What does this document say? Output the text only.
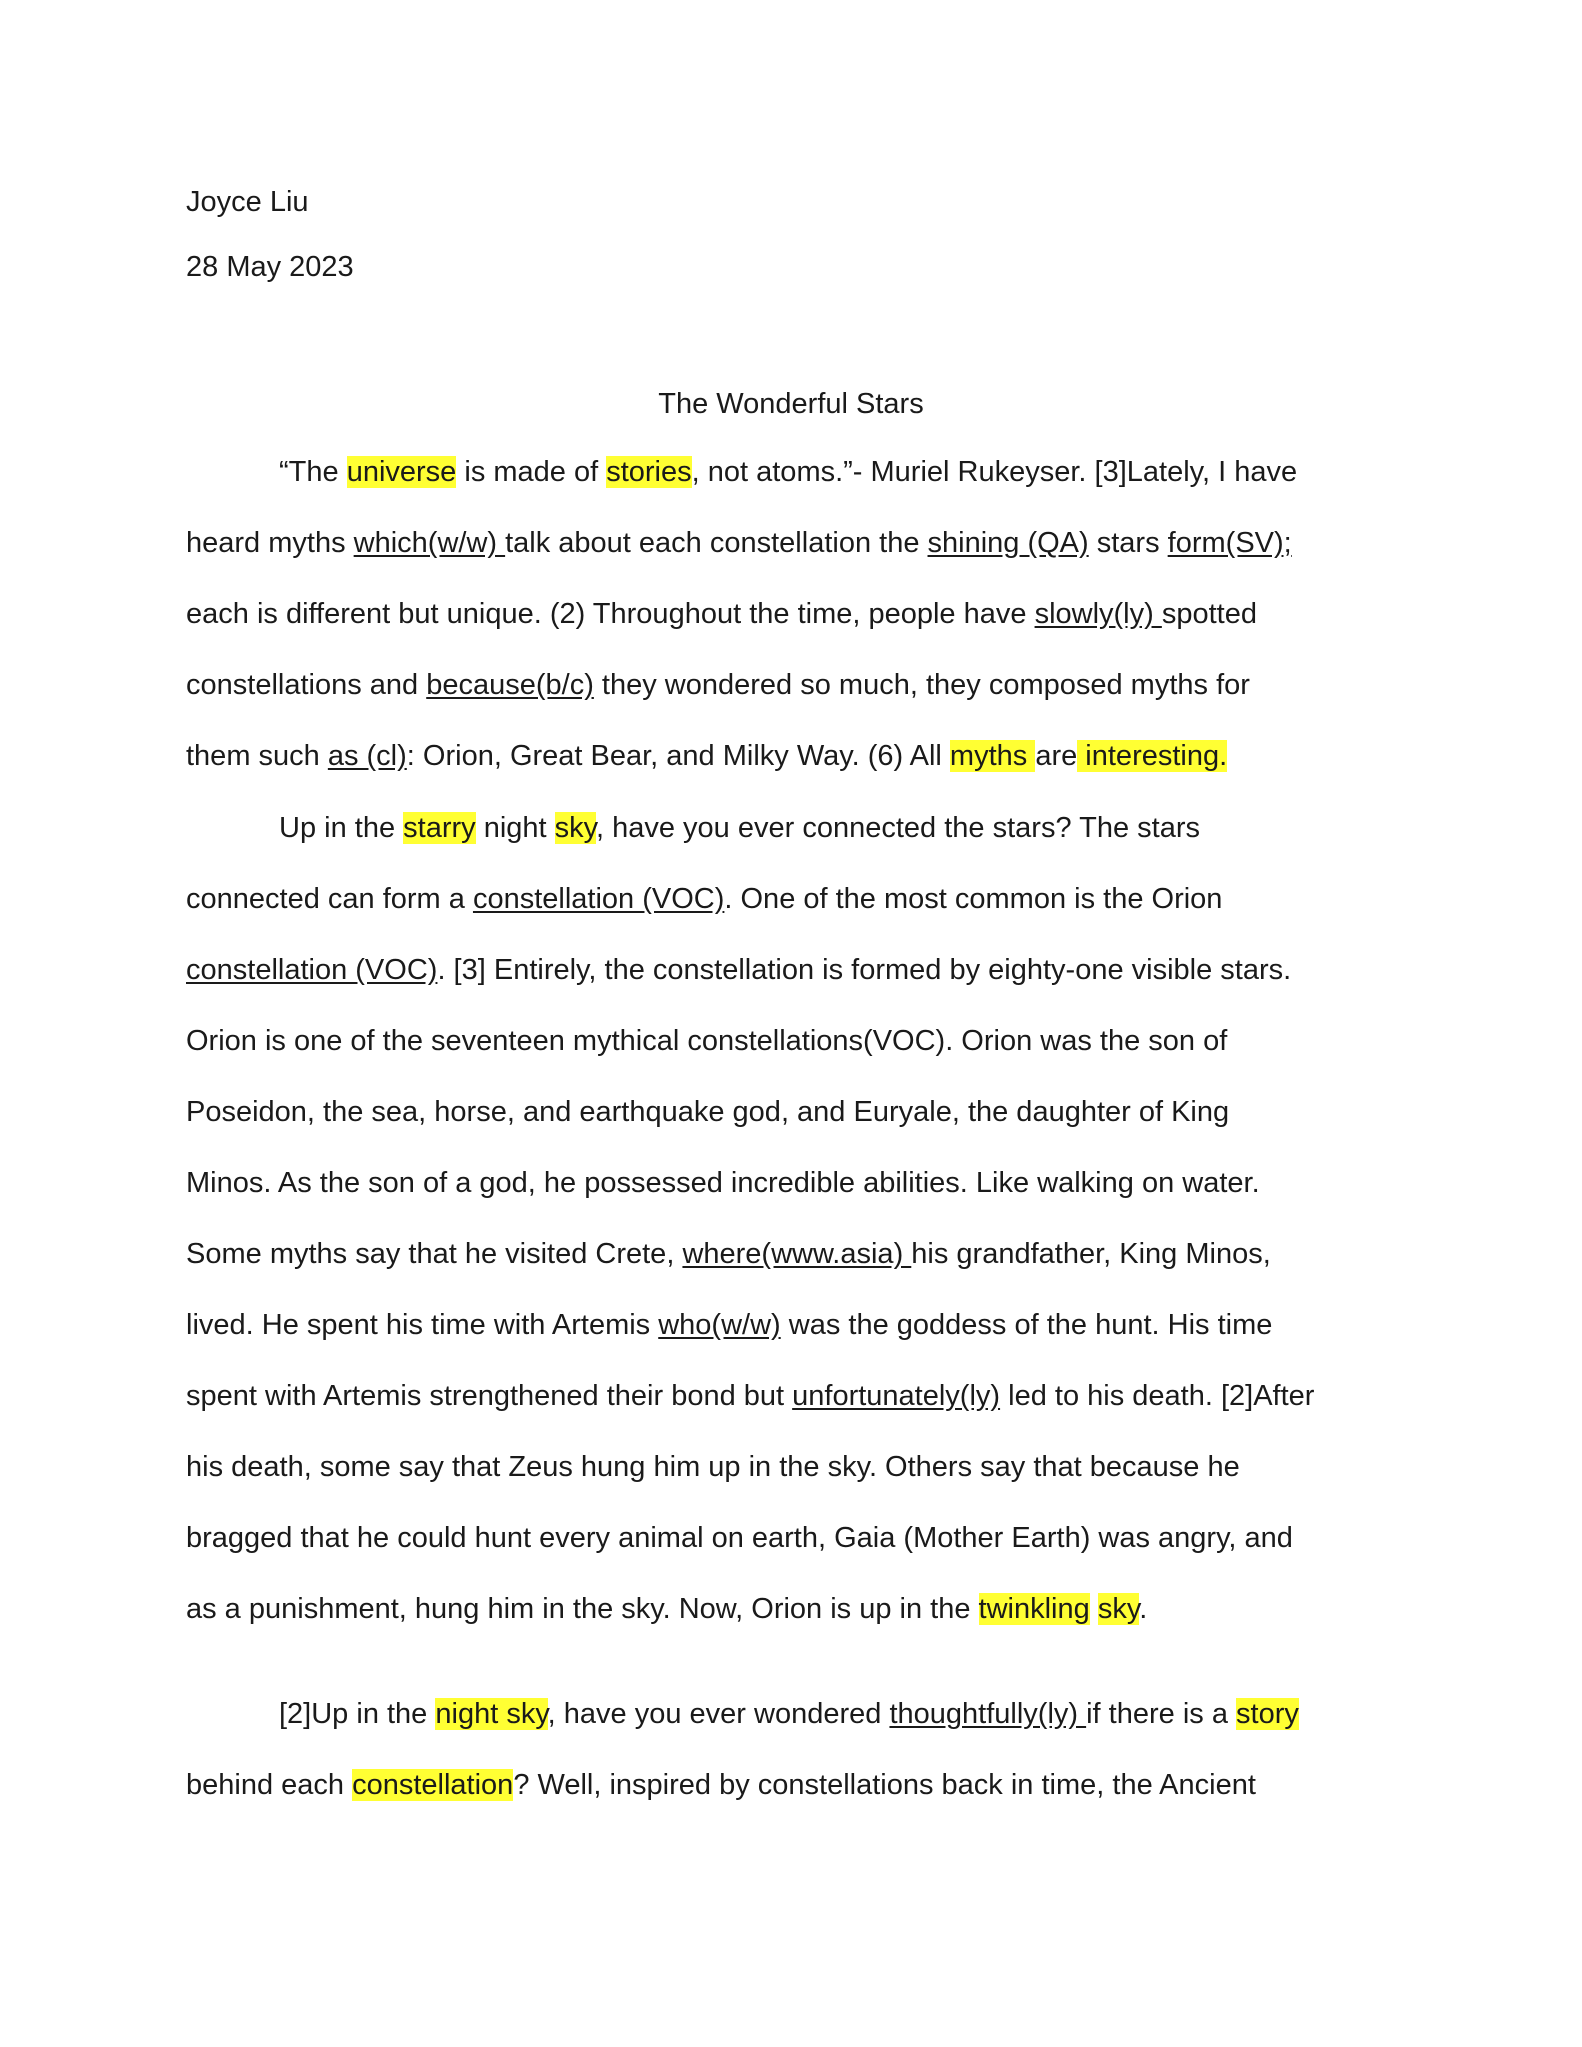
Joyce Liu
28 May 2023
The Wonderful Stars
“The universe is made of stories, not atoms.”- Muriel Rukeyser. [3]Lately, I have
heard myths which(w/w) talk about each constellation the shining (QA) stars form(SV);
each is different but unique. (2) Throughout the time, people have slowly(ly) spotted
constellations and because(b/c) they wondered so much, they composed myths for
them such as (cl): Orion, Great Bear, and Milky Way. (6) All myths are interesting.
Up in the starry night sky, have you ever connected the stars? The stars
connected can form a constellation (VOC). One of the most common is the Orion
constellation (VOC). [3] Entirely, the constellation is formed by eighty-one visible stars.
Orion is one of the seventeen mythical constellations(VOC). Orion was the son of
Poseidon, the sea, horse, and earthquake god, and Euryale, the daughter of King
Minos. As the son of a god, he possessed incredible abilities. Like walking on water.
Some myths say that he visited Crete, where(www.asia) his grandfather, King Minos,
lived. He spent his time with Artemis who(w/w) was the goddess of the hunt. His time
spent with Artemis strengthened their bond but unfortunately(ly) led to his death. [2]After
his death, some say that Zeus hung him up in the sky. Others say that because he
bragged that he could hunt every animal on earth, Gaia (Mother Earth) was angry, and
as a punishment, hung him in the sky. Now, Orion is up in the twinkling sky.
[2]Up in the night sky, have you ever wondered thoughtfully(ly) if there is a story
behind each constellation? Well, inspired by constellations back in time, the Ancient
